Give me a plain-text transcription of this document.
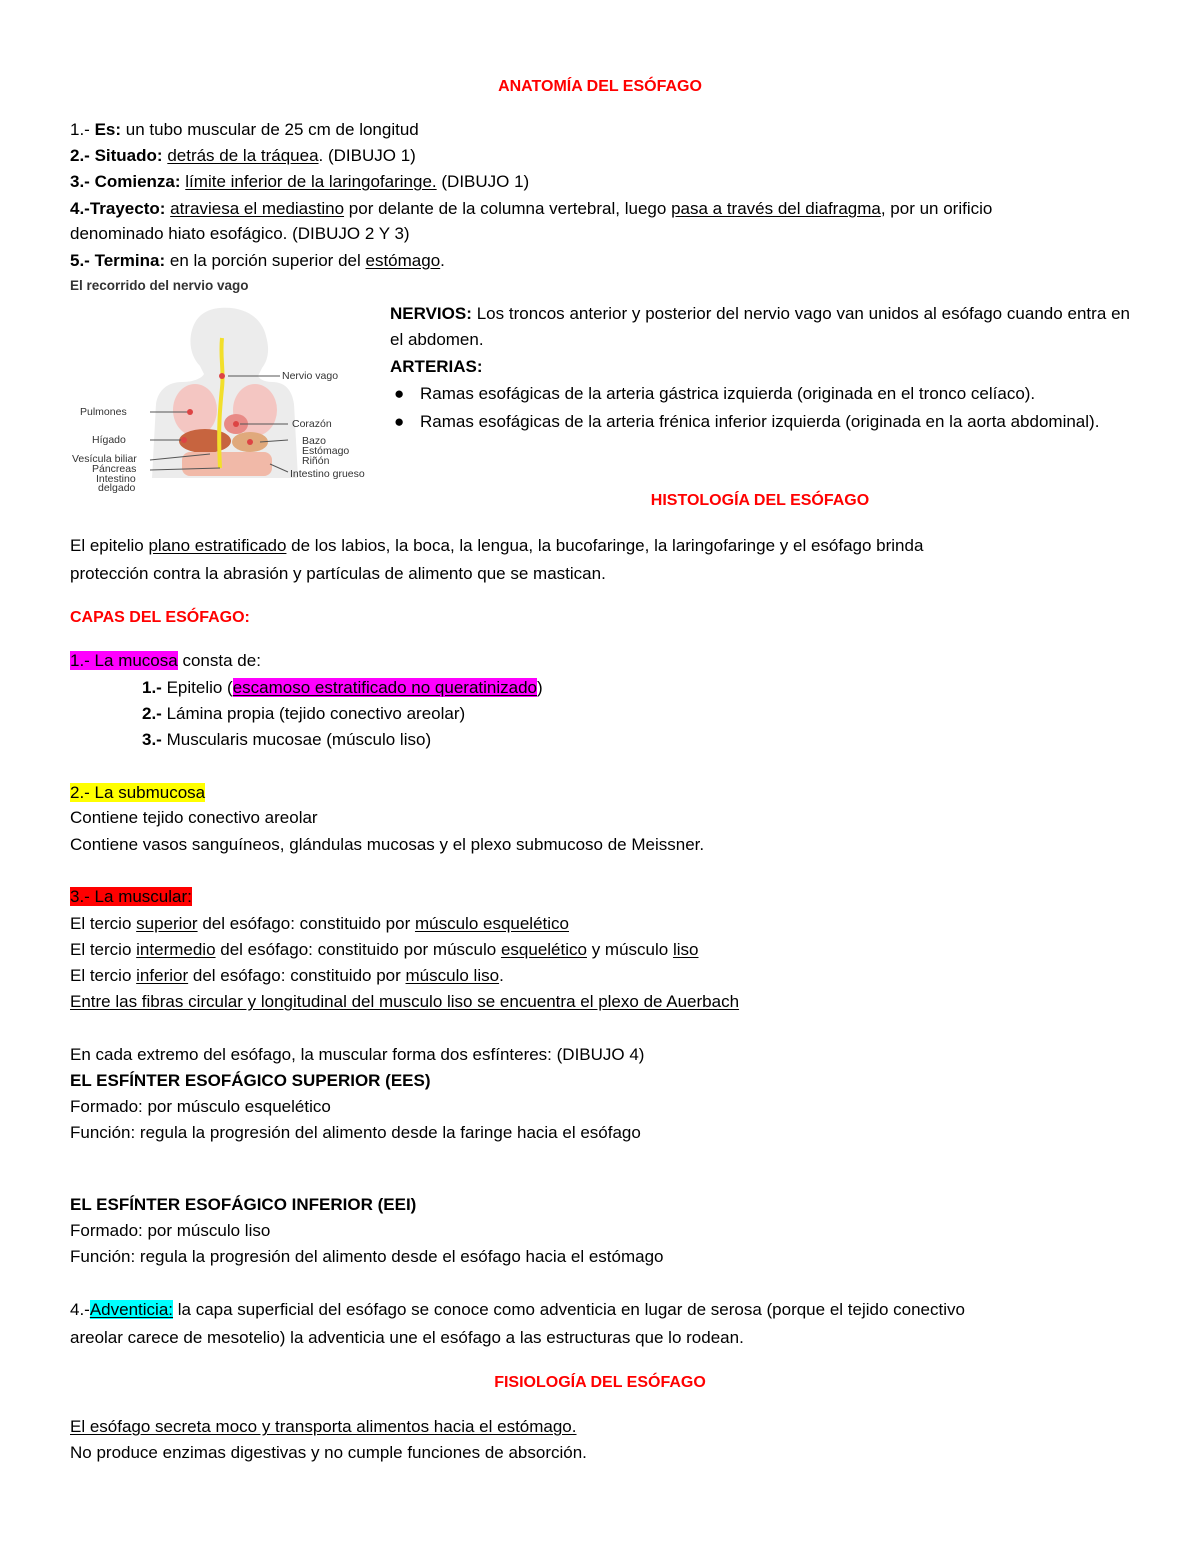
ANATOMÍA DEL ESÓFAGO
1.- Es: un tubo muscular de 25 cm de longitud
2.- Situado: detrás de la tráquea. (DIBUJO 1)
3.- Comienza: límite inferior de la laringofaringe. (DIBUJO 1)
4.-Trayecto: atraviesa el mediastino por delante de la columna vertebral, luego pasa a través del diafragma, por un orificio
denominado hiato esofágico. (DIBUJO 2 Y 3)
5.- Termina: en la porción superior del estómago.
El recorrido del nervio vago
Pulmones
Hígado
Vesícula biliar
Páncreas
Intestino
delgado
Nervio vago
Corazón
Bazo
Estómago
Riñón
Intestino grueso
NERVIOS: Los troncos anterior y posterior del nervio vago van unidos al esófago cuando entra en el abdomen.
ARTERIAS:
● Ramas esofágicas de la arteria gástrica izquierda (originada en el tronco celíaco).
● Ramas esofágicas de la arteria frénica inferior izquierda (originada en la aorta abdominal).
HISTOLOGÍA DEL ESÓFAGO
El epitelio plano estratificado de los labios, la boca, la lengua, la bucofaringe, la laringofaringe y el esófago brinda
protección contra la abrasión y partículas de alimento que se mastican.
CAPAS DEL ESÓFAGO:
1.- La mucosa consta de:
1.- Epitelio (escamoso estratificado no queratinizado)
2.- Lámina propia (tejido conectivo areolar)
3.- Muscularis mucosae (músculo liso)
2.- La submucosa
Contiene tejido conectivo areolar
Contiene vasos sanguíneos, glándulas mucosas y el plexo submucoso de Meissner.
3.- La muscular:
El tercio superior del esófago: constituido por músculo esquelético
El tercio intermedio del esófago: constituido por músculo esquelético y músculo liso
El tercio inferior del esófago: constituido por músculo liso.
Entre las fibras circular y longitudinal del musculo liso se encuentra el plexo de Auerbach
En cada extremo del esófago, la muscular forma dos esfínteres: (DIBUJO 4)
EL ESFÍNTER ESOFÁGICO SUPERIOR (EES)
Formado: por músculo esquelético
Función: regula la progresión del alimento desde la faringe hacia el esófago
EL ESFÍNTER ESOFÁGICO INFERIOR (EEI)
Formado: por músculo liso
Función: regula la progresión del alimento desde el esófago hacia el estómago
4.-Adventicia: la capa superficial del esófago se conoce como adventicia en lugar de serosa (porque el tejido conectivo
areolar carece de mesotelio) la adventicia une el esófago a las estructuras que lo rodean.
FISIOLOGÍA DEL ESÓFAGO
El esófago secreta moco y transporta alimentos hacia el estómago.
No produce enzimas digestivas y no cumple funciones de absorción.
